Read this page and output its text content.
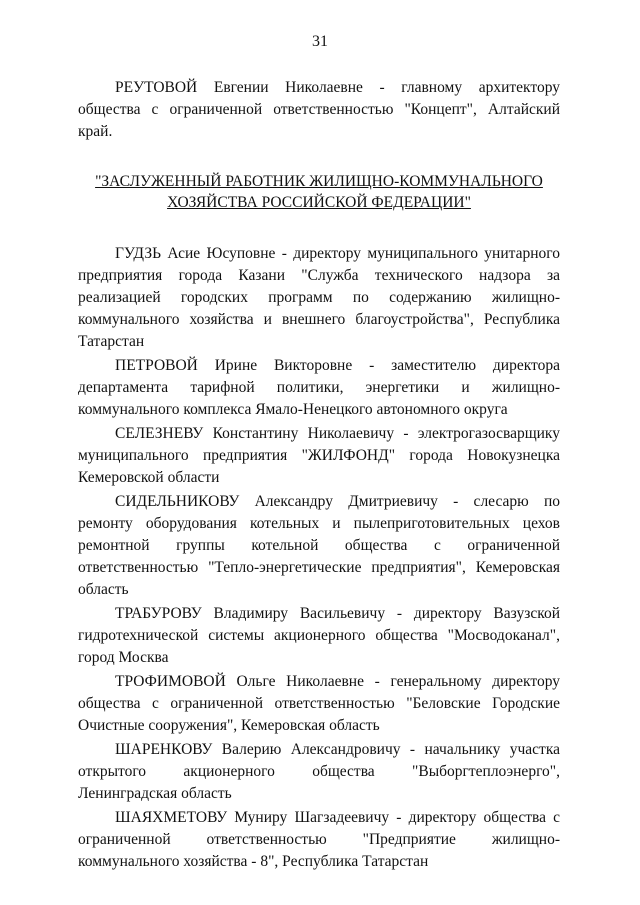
31

РЕУТОВОЙ Евгении Николаевне - главному архитектору общества с ограниченной ответственностью "Концепт", Алтайский край.

"ЗАСЛУЖЕННЫЙ РАБОТНИК ЖИЛИЩНО-КОММУНАЛЬНОГО ХОЗЯЙСТВА РОССИЙСКОЙ ФЕДЕРАЦИИ"

ГУДЗЬ Асие Юсуповне - директору муниципального унитарного предприятия города Казани "Служба технического надзора за реализацией городских программ по содержанию жилищно-коммунального хозяйства и внешнего благоустройства", Республика Татарстан

ПЕТРОВОЙ Ирине Викторовне - заместителю директора департамента тарифной политики, энергетики и жилищно-коммунального комплекса Ямало-Ненецкого автономного округа

СЕЛЕЗНЕВУ Константину Николаевичу - электрогазосварщику муниципального предприятия "ЖИЛФОНД" города Новокузнецка Кемеровской области

СИДЕЛЬНИКОВУ Александру Дмитриевичу - слесарю по ремонту оборудования котельных и пылеприготовительных цехов ремонтной группы котельной общества с ограниченной ответственностью "Тепло-энергетические предприятия", Кемеровская область

ТРАБУРОВУ Владимиру Васильевичу - директору Вазузской гидротехнической системы акционерного общества "Мосводоканал", город Москва

ТРОФИМОВОЙ Ольге Николаевне - генеральному директору общества с ограниченной ответственностью "Беловские Городские Очистные сооружения", Кемеровская область

ШАРЕНКОВУ Валерию Александровичу - начальнику участка открытого акционерного общества "Выборгтеплоэнерго", Ленинградская область

ШАЯХМЕТОВУ Муниру Шагзадеевичу - директору общества с ограниченной ответственностью "Предприятие жилищно-коммунального хозяйства - 8", Республика Татарстан
